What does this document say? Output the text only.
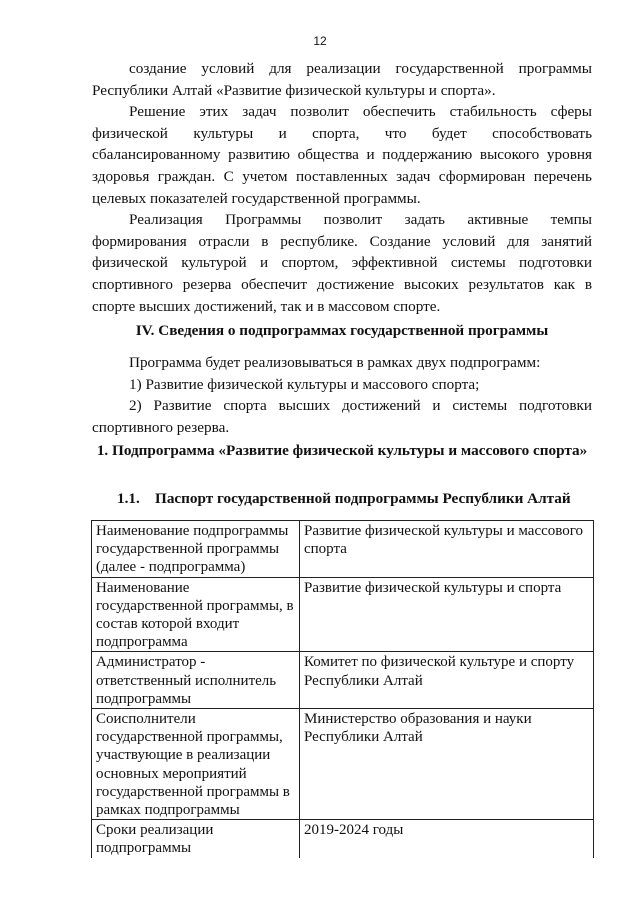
12

создание условий для реализации государственной программы Республики Алтай «Развитие физической культуры и спорта».

Решение этих задач позволит обеспечить стабильность сферы физической культуры и спорта, что будет способствовать сбалансированному развитию общества и поддержанию высокого уровня здоровья граждан. С учетом поставленных задач сформирован перечень целевых показателей государственной программы.

Реализация Программы позволит задать активные темпы формирования отрасли в республике. Создание условий для занятий физической культурой и спортом, эффективной системы подготовки спортивного резерва обеспечит достижение высоких результатов как в спорте высших достижений, так и в массовом спорте.

IV. Сведения о подпрограммах государственной программы

Программа будет реализовываться в рамках двух подпрограмм:

1) Развитие физической культуры и массового спорта;

2) Развитие спорта высших достижений и системы подготовки спортивного резерва.

1. Подпрограмма «Развитие физической культуры и массового спорта»
1.1. Паспорт государственной подпрограммы Республики Алтай
Наименование подпрограммы государственной программы (далее - подпрограмма)	Развитие физической культуры и массового спорта
Наименование государственной программы, в состав которой входит подпрограмма	Развитие физической культуры и спорта
Администратор - ответственный исполнитель подпрограммы	Комитет по физической культуре и спорту Республики Алтай
Соисполнители государственной программы, участвующие в реализации основных мероприятий государственной программы в рамках подпрограммы	Министерство образования и науки Республики Алтай
Сроки реализации подпрограммы	2019-2024 годы
